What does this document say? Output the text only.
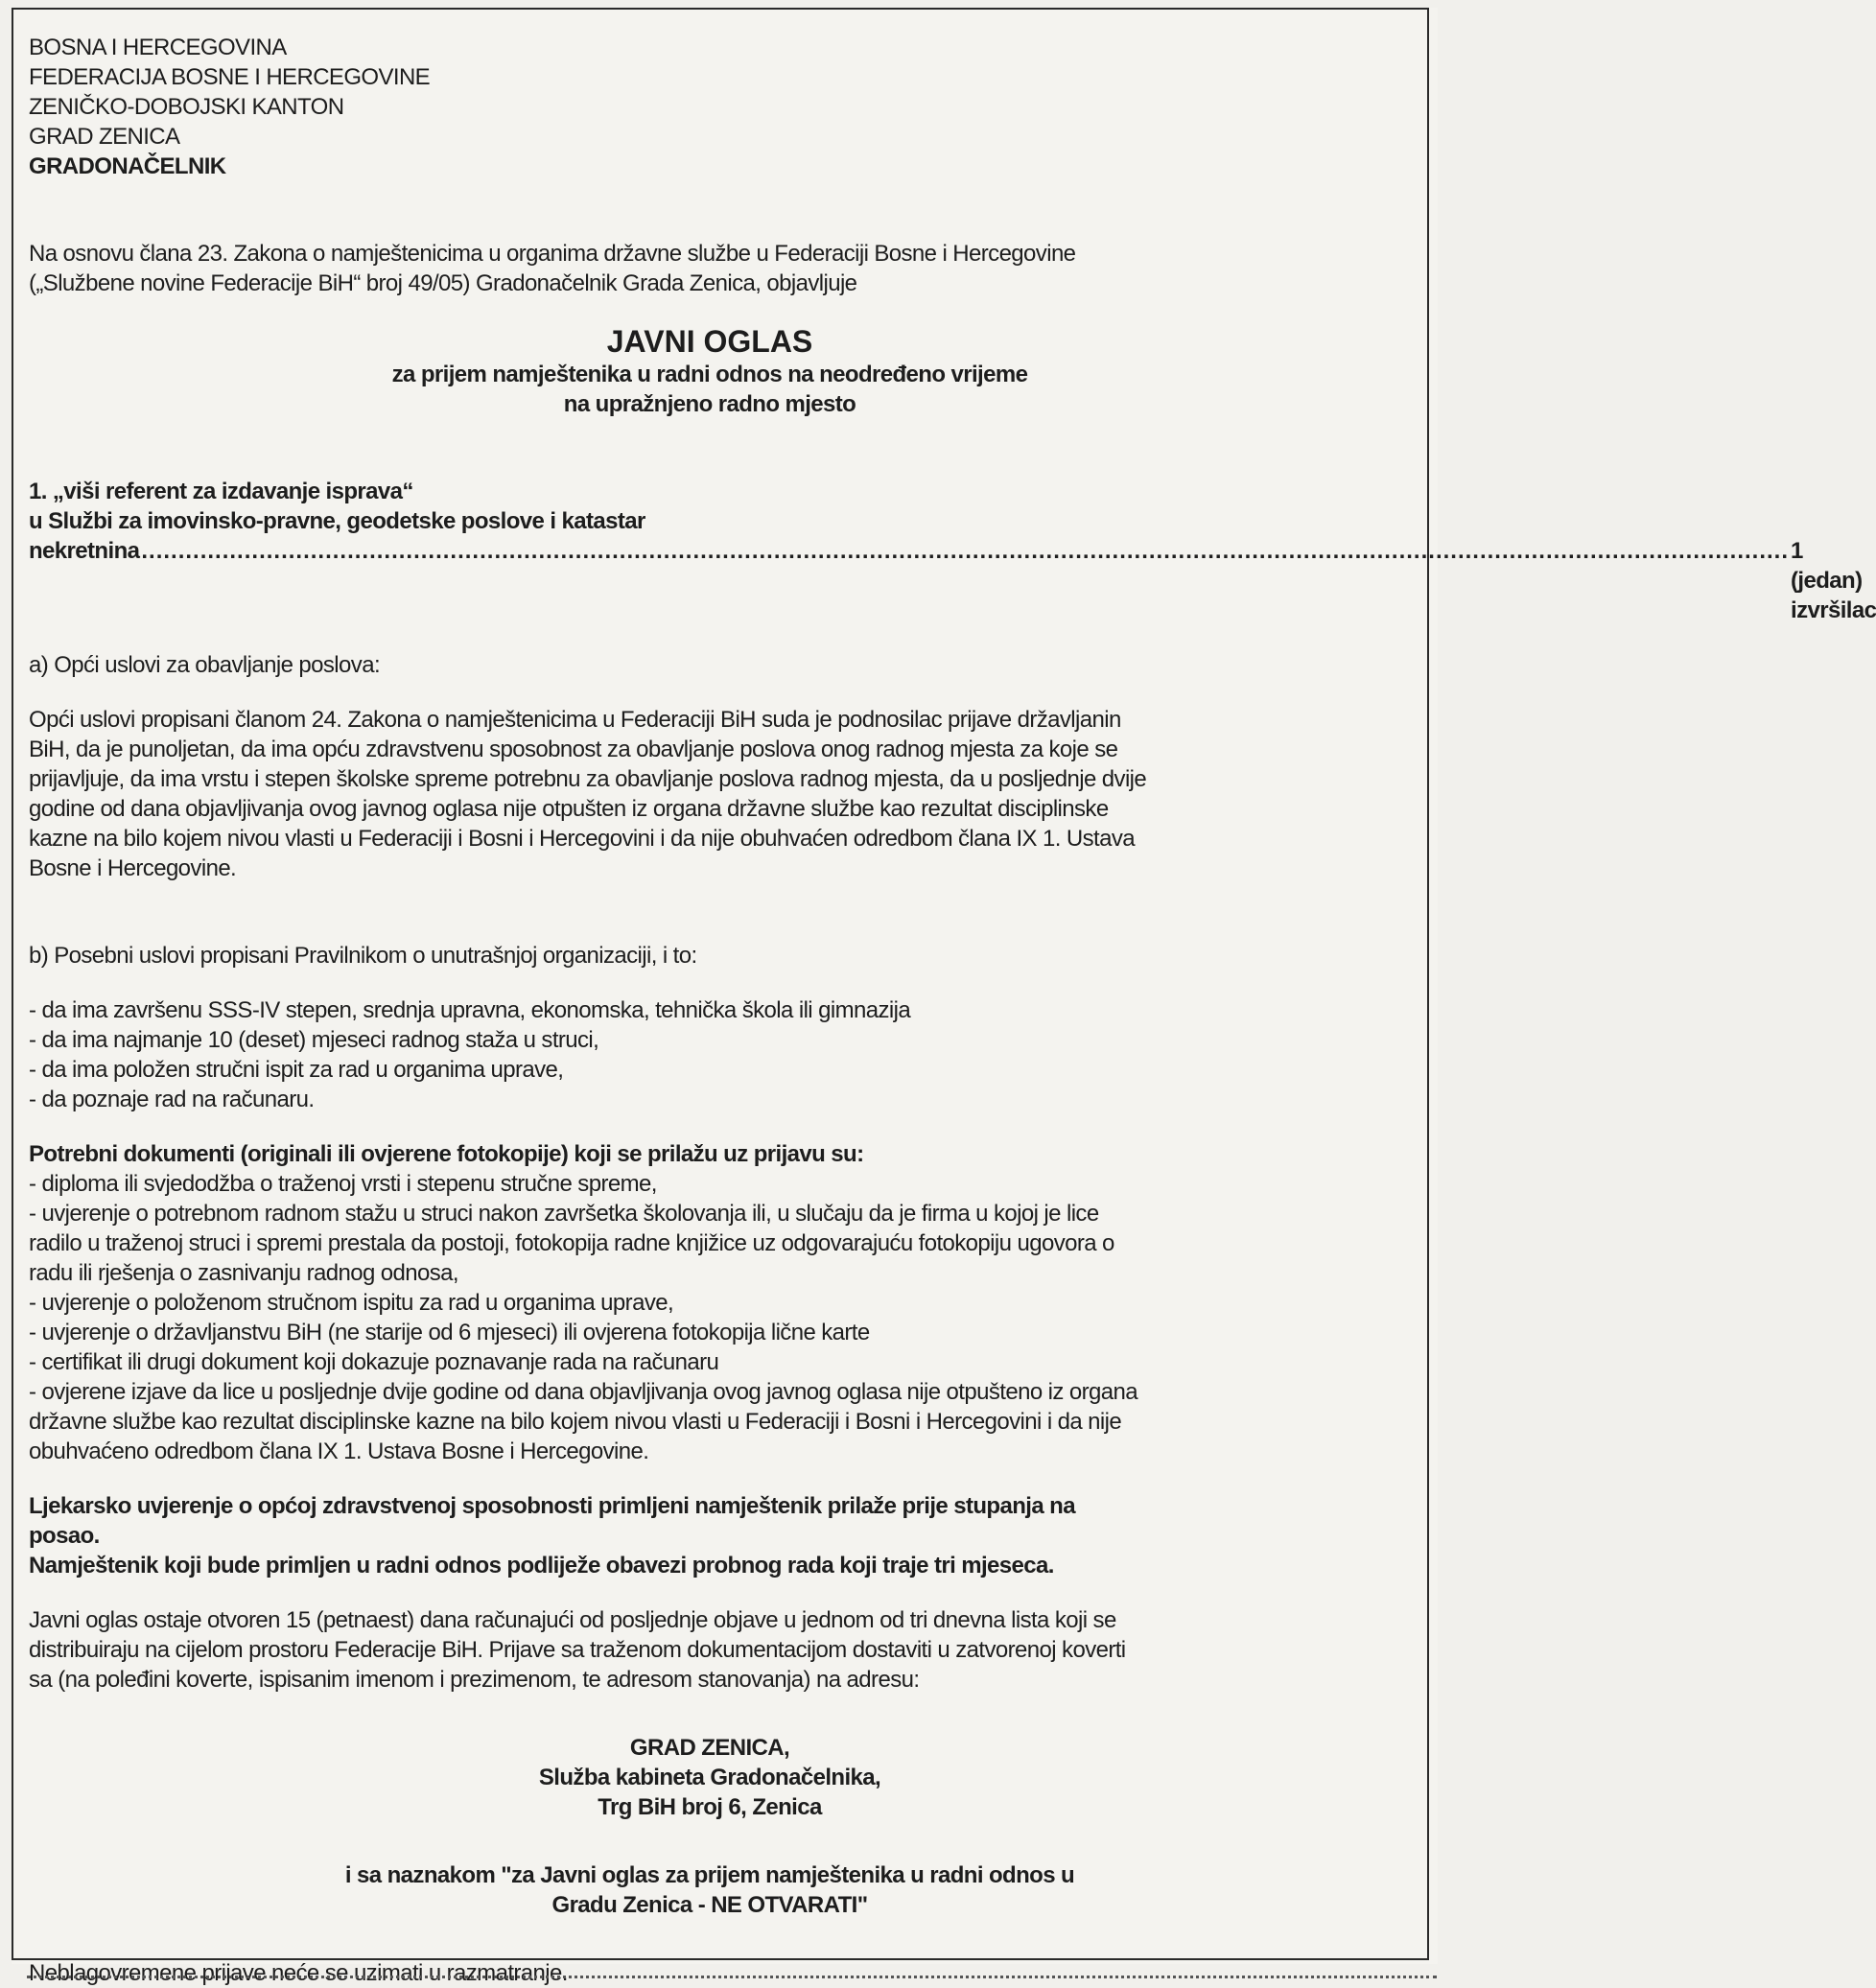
BOSNA I HERCEGOVINA
FEDERACIJA BOSNE I HERCEGOVINE
ZENIČKO-DOBOJSKI KANTON
GRAD ZENICA
GRADONAČELNIK
Na osnovu člana 23. Zakona o namještenicima u organima državne službe u Federaciji Bosne i Hercegovine
(„Službene novine Federacije BiH“ broj 49/05) Gradonačelnik Grada Zenica, objavljuje
JAVNI OGLAS
za prijem namještenika u radni odnos na neodređeno vrijeme
na upražnjeno radno mjesto
1. „viši referent za izdavanje isprava“
u Službi za imovinsko-pravne, geodetske poslove i katastar
nekretnina ................................................................................................................................................................................................................................ 1 (jedan) izvršilac
a) Opći uslovi za obavljanje poslova:
Opći uslovi propisani članom 24. Zakona o namještenicima u Federaciji BiH suda je podnosilac prijave državljanin
BiH, da je punoljetan, da ima opću zdravstvenu sposobnost za obavljanje poslova onog radnog mjesta za koje se
prijavljuje, da ima vrstu i stepen školske spreme potrebnu za obavljanje poslova radnog mjesta, da u posljednje dvije
godine od dana objavljivanja ovog javnog oglasa nije otpušten iz organa državne službe kao rezultat disciplinske
kazne na bilo kojem nivou vlasti u Federaciji i Bosni i Hercegovini i da nije obuhvaćen odredbom člana IX 1. Ustava
Bosne i Hercegovine.
b) Posebni uslovi propisani Pravilnikom o unutrašnjoj organizaciji, i to:
- da ima završenu SSS-IV stepen, srednja upravna, ekonomska, tehnička škola ili gimnazija
- da ima najmanje 10 (deset) mjeseci radnog staža u struci,
- da ima položen stručni ispit za rad u organima uprave,
- da poznaje rad na računaru.
Potrebni dokumenti (originali ili ovjerene fotokopije) koji se prilažu uz prijavu su:
- diploma ili svjedodžba o traženoj vrsti i stepenu stručne spreme,
- uvjerenje o potrebnom radnom stažu u struci nakon završetka školovanja ili, u slučaju da je firma u kojoj je lice
radilo u traženoj struci i spremi prestala da postoji, fotokopija radne knjižice uz odgovarajuću fotokopiju ugovora o
radu ili rješenja o zasnivanju radnog odnosa,
- uvjerenje o položenom stručnom ispitu za rad u organima uprave,
- uvjerenje o državljanstvu BiH (ne starije od 6 mjeseci) ili ovjerena fotokopija lične karte
- certifikat ili drugi dokument koji dokazuje poznavanje rada na računaru
- ovjerene izjave da lice u posljednje dvije godine od dana objavljivanja ovog javnog oglasa nije otpušteno iz organa
državne službe kao rezultat disciplinske kazne na bilo kojem nivou vlasti u Federaciji i Bosni i Hercegovini i da nije
obuhvaćeno odredbom člana IX 1. Ustava Bosne i Hercegovine.
Ljekarsko uvjerenje o općoj zdravstvenoj sposobnosti primljeni namještenik prilaže prije stupanja na
posao.
Namještenik koji bude primljen u radni odnos podliježe obavezi probnog rada koji traje tri mjeseca.
Javni oglas ostaje otvoren 15 (petnaest) dana računajući od posljednje objave u jednom od tri dnevna lista koji se
distribuiraju na cijelom prostoru Federacije BiH. Prijave sa traženom dokumentacijom dostaviti u zatvorenoj koverti
sa (na poleđini koverte, ispisanim imenom i prezimenom, te adresom stanovanja) na adresu:
GRAD ZENICA,
Služba kabineta Gradonačelnika,
Trg BiH broj 6, Zenica
i sa naznakom "za Javni oglas za prijem namještenika u radni odnos u
Gradu Zenica - NE OTVARATI"
Neblagovremene prijave neće se uzimati u razmatranje.
